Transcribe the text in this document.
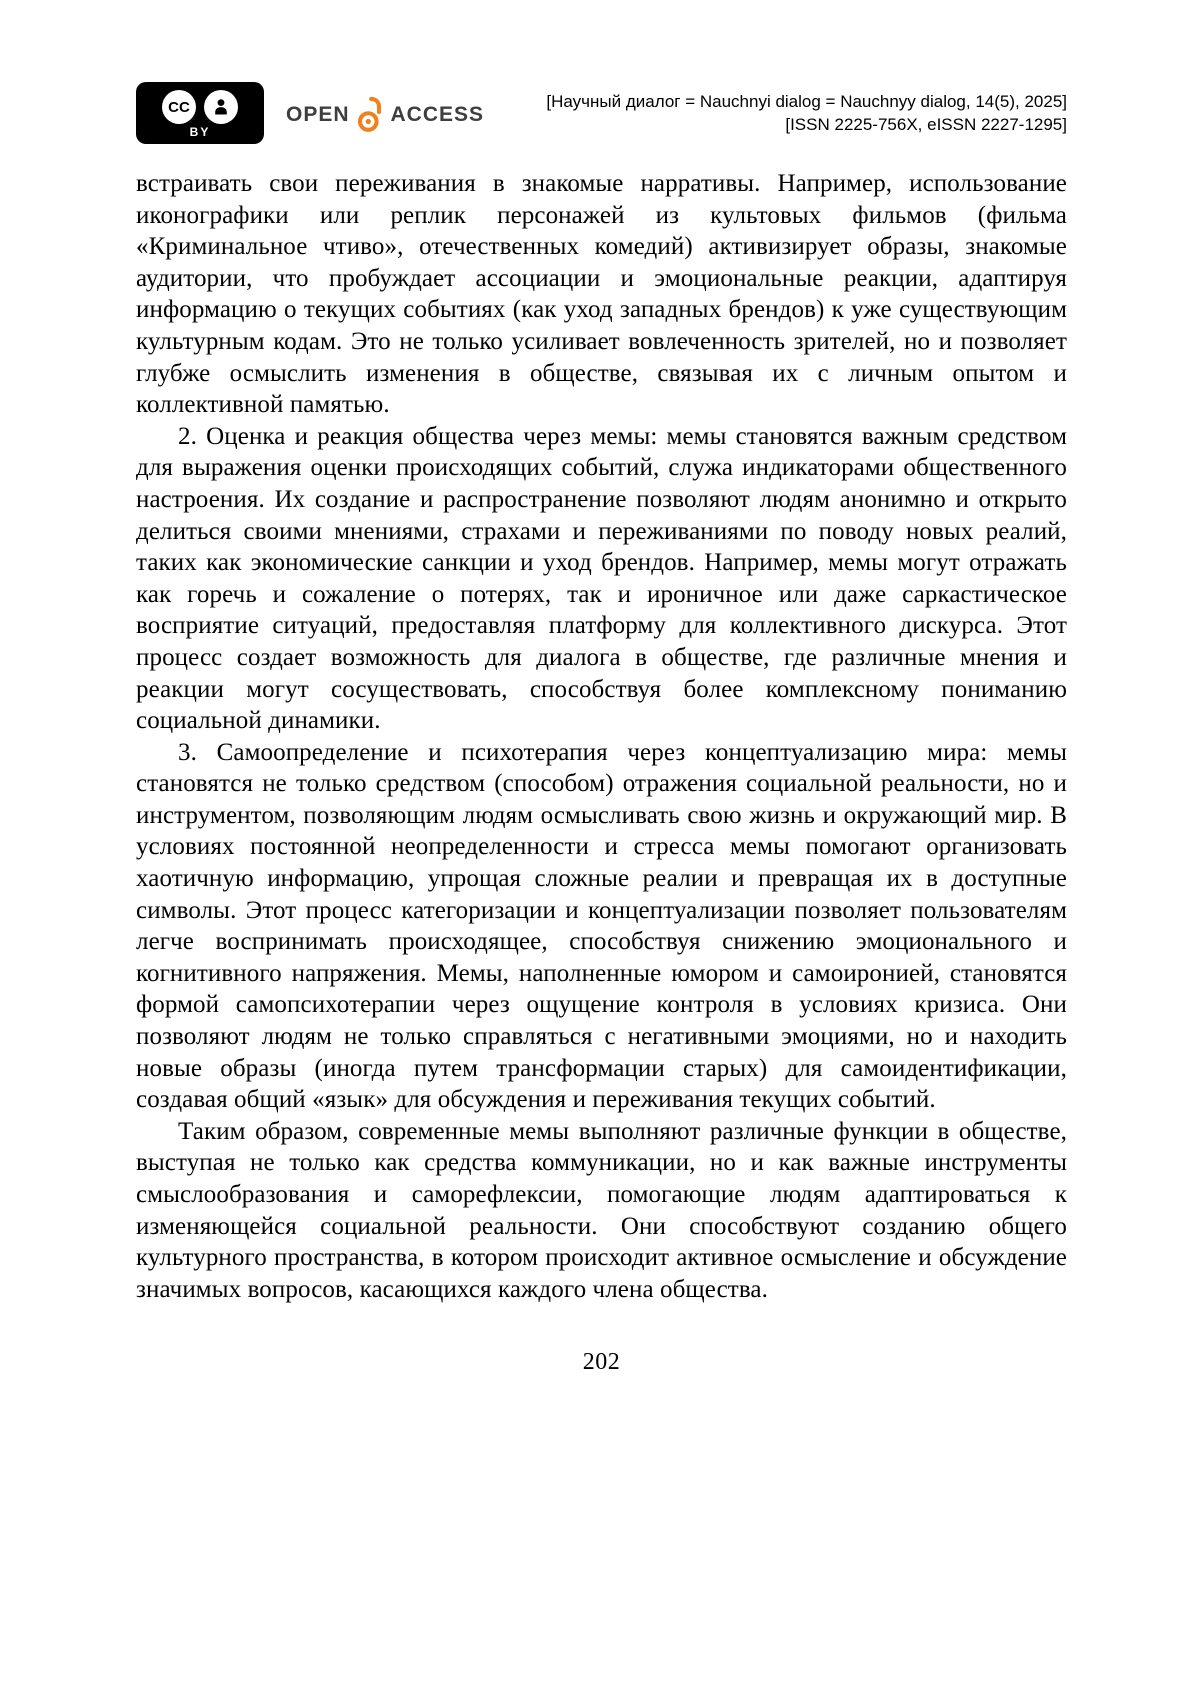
CC
BY
OPEN ACCESS
[Научный диалог = Nauchnyi dialog = Nauchnyy dialog, 14(5), 2025]
[ISSN 2225-756X, eISSN 2227-1295]

встраивать свои переживания в знакомые нарративы. Например, использование иконографики или реплик персонажей из культовых фильмов (фильма «Криминальное чтиво», отечественных комедий) активизирует образы, знакомые аудитории, что пробуждает ассоциации и эмоциональные реакции, адаптируя информацию о текущих событиях (как уход западных брендов) к уже существующим культурным кодам. Это не только усиливает вовлеченность зрителей, но и позволяет глубже осмыслить изменения в обществе, связывая их с личным опытом и коллективной памятью.

2. Оценка и реакция общества через мемы: мемы становятся важным средством для выражения оценки происходящих событий, служа индикаторами общественного настроения. Их создание и распространение позволяют людям анонимно и открыто делиться своими мнениями, страхами и переживаниями по поводу новых реалий, таких как экономические санкции и уход брендов. Например, мемы могут отражать как горечь и сожаление о потерях, так и ироничное или даже саркастическое восприятие ситуаций, предоставляя платформу для коллективного дискурса. Этот процесс создает возможность для диалога в обществе, где различные мнения и реакции могут сосуществовать, способствуя более комплексному пониманию социальной динамики.

3. Самоопределение и психотерапия через концептуализацию мира: мемы становятся не только средством (способом) отражения социальной реальности, но и инструментом, позволяющим людям осмысливать свою жизнь и окружающий мир. В условиях постоянной неопределенности и стресса мемы помогают организовать хаотичную информацию, упрощая сложные реалии и превращая их в доступные символы. Этот процесс категоризации и концептуализации позволяет пользователям легче воспринимать происходящее, способствуя снижению эмоционального и когнитивного напряжения. Мемы, наполненные юмором и самоиронией, становятся формой самопсихотерапии через ощущение контроля в условиях кризиса. Они позволяют людям не только справляться с негативными эмоциями, но и находить новые образы (иногда путем трансформации старых) для самоидентификации, создавая общий «язык» для обсуждения и переживания текущих событий.

Таким образом, современные мемы выполняют различные функции в обществе, выступая не только как средства коммуникации, но и как важные инструменты смыслообразования и саморефлексии, помогающие людям адаптироваться к изменяющейся социальной реальности. Они способствуют созданию общего культурного пространства, в котором происходит активное осмысление и обсуждение значимых вопросов, касающихся каждого члена общества.

202
